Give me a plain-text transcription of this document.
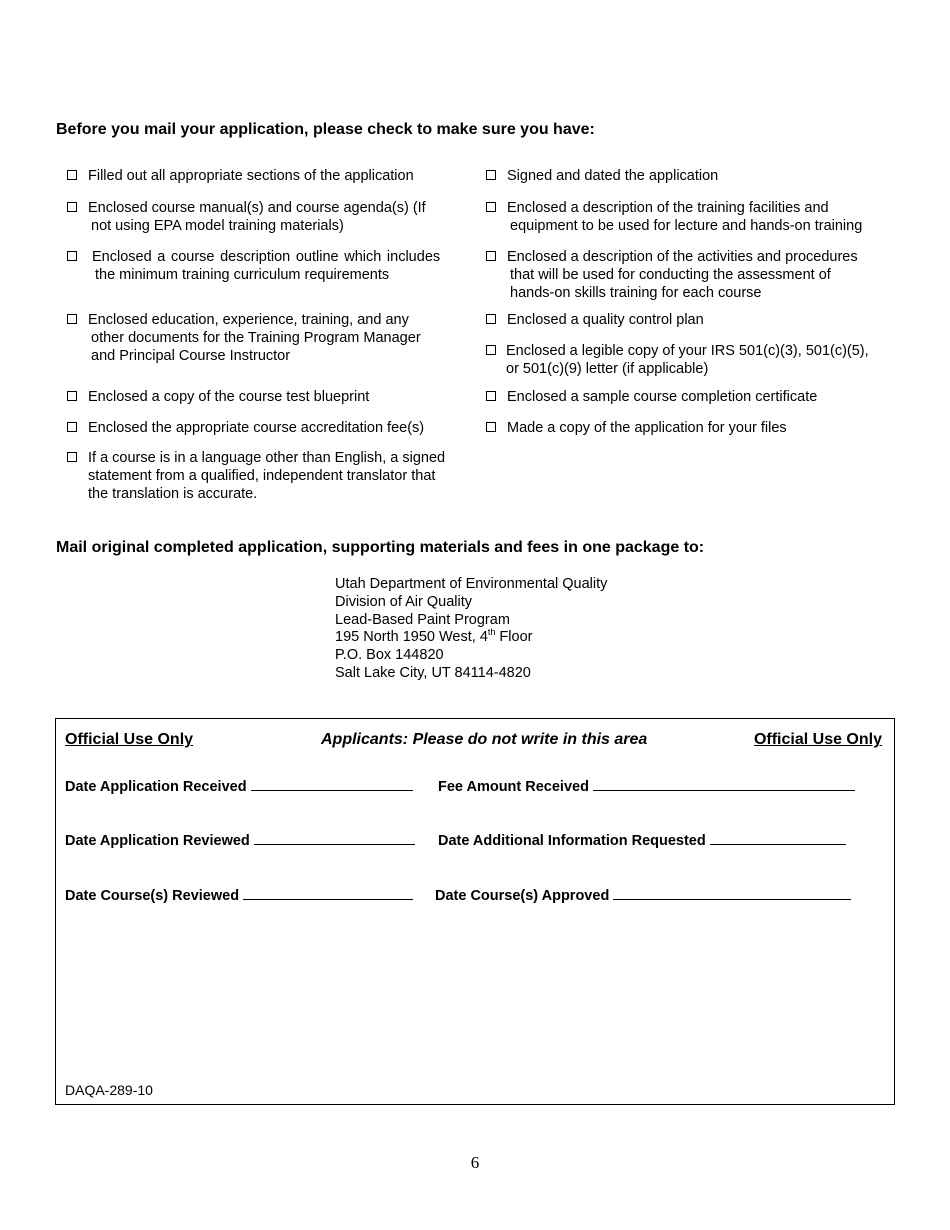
Before you mail your application, please check to make sure you have:
Filled out all appropriate sections of the application
Enclosed course manual(s) and course agenda(s) (If
not using EPA model training materials)
Enclosed a course description outline which includes
the minimum training curriculum requirements
Enclosed education, experience, training, and any
other documents for the Training Program Manager
and Principal Course Instructor
Enclosed a copy of the course test blueprint
Enclosed the appropriate course accreditation fee(s)
If a course is in a language other than English, a signed
statement from a qualified, independent translator that
the translation is accurate.
Signed and dated the application
Enclosed a description of the training facilities and
equipment to be used for lecture and hands-on training
Enclosed a description of the activities and procedures
that will be used for conducting the assessment of
hands-on skills training for each course
Enclosed a quality control plan
Enclosed a legible copy of your IRS 501(c)(3), 501(c)(5),
or 501(c)(9) letter (if applicable)
Enclosed a sample course completion certificate
Made a copy of the application for your files
Mail original completed application, supporting materials and fees in one package to:
Utah Department of Environmental Quality
Division of Air Quality
Lead-Based Paint Program
195 North 1950 West, 4th Floor
P.O. Box 144820
Salt Lake City, UT 84114-4820
Official Use Only	Applicants: Please do not write in this area	Official Use Only
Date Application Received	Fee Amount Received
Date Application Reviewed	Date Additional Information Requested
Date Course(s) Reviewed	Date Course(s) Approved
DAQA-289-10
6
